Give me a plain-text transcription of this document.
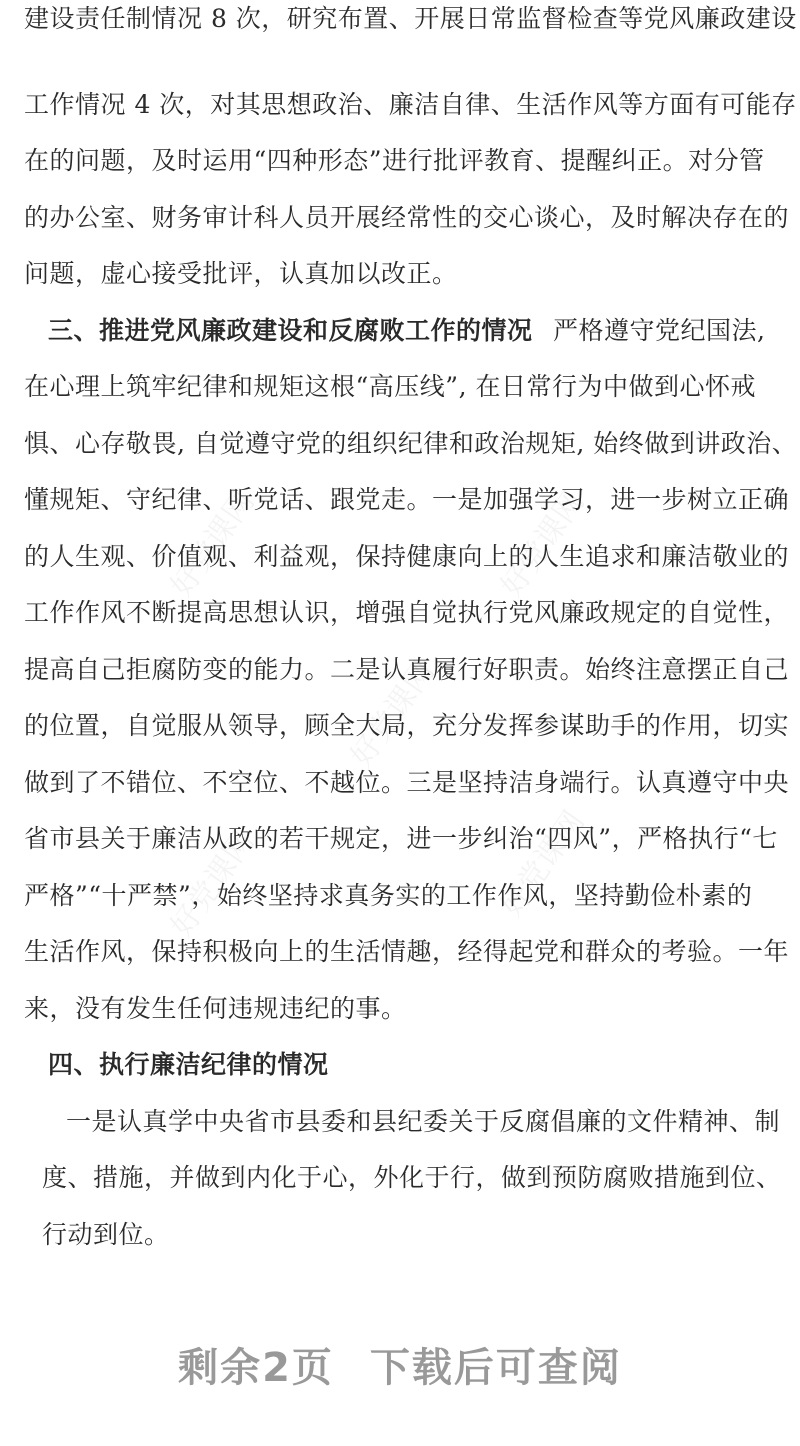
建设责任制情况 8 次，研究布置、开展日常监督检查等党风廉政建设
工作情况 4 次，对其思想政治、廉洁自律、生活作风等方面有可能存
在的问题，及时运用“四种形态”进行批评教育、提醒纠正。对分管
的办公室、财务审计科人员开展经常性的交心谈心，及时解决存在的
问题，虚心接受批评，认真加以改正。
三、推进党风廉政建设和反腐败工作的情况 严格遵守党纪国法,
在心理上筑牢纪律和规矩这根“高压线”, 在日常行为中做到心怀戒
惧、心存敬畏, 自觉遵守党的组织纪律和政治规矩, 始终做到讲政治、
懂规矩、守纪律、听党话、跟党走。一是加强学习，进一步树立正确
的人生观、价值观、利益观，保持健康向上的人生追求和廉洁敬业的
工作作风不断提高思想认识，增强自觉执行党风廉政规定的自觉性，
提高自己拒腐防变的能力。二是认真履行好职责。始终注意摆正自己
的位置，自觉服从领导，顾全大局，充分发挥参谋助手的作用，切实
做到了不错位、不空位、不越位。三是坚持洁身端行。认真遵守中央
省市县关于廉洁从政的若干规定，进一步纠治“四风”，严格执行“七
严格”“十严禁”，始终坚持求真务实的工作作风，坚持勤俭朴素的
生活作风，保持积极向上的生活情趣，经得起党和群众的考验。一年
来，没有发生任何违规违纪的事。
四、执行廉洁纪律的情况
一是认真学中央省市县委和县纪委关于反腐倡廉的文件精神、制
度、措施，并做到内化于心，外化于行，做到预防腐败措施到位、
行动到位。
剩余2页 下载后可查阅
